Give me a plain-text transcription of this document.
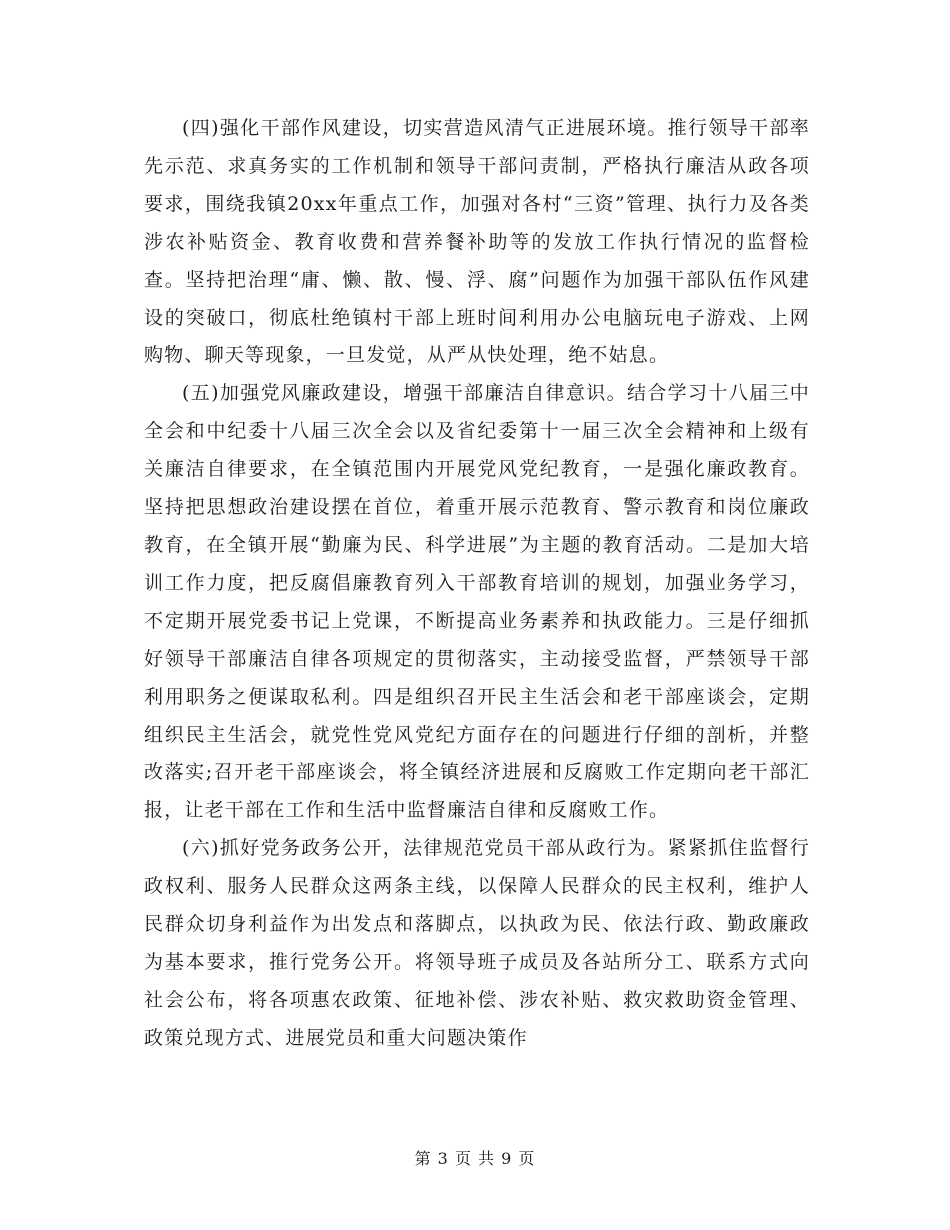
(四)强化干部作风建设，切实营造风清气正进展环境。推行领导干部率先示范、求真务实的工作机制和领导干部问责制，严格执行廉洁从政各项要求，围绕我镇20xx年重点工作，加强对各村“三资”管理、执行力及各类涉农补贴资金、教育收费和营养餐补助等的发放工作执行情况的监督检查。坚持把治理“庸、懒、散、慢、浮、腐”问题作为加强干部队伍作风建设的突破口，彻底杜绝镇村干部上班时间利用办公电脑玩电子游戏、上网购物、聊天等现象，一旦发觉，从严从快处理，绝不姑息。

(五)加强党风廉政建设，增强干部廉洁自律意识。结合学习十八届三中全会和中纪委十八届三次全会以及省纪委第十一届三次全会精神和上级有关廉洁自律要求，在全镇范围内开展党风党纪教育，一是强化廉政教育。坚持把思想政治建设摆在首位，着重开展示范教育、警示教育和岗位廉政教育，在全镇开展“勤廉为民、科学进展”为主题的教育活动。二是加大培训工作力度，把反腐倡廉教育列入干部教育培训的规划，加强业务学习，不定期开展党委书记上党课，不断提高业务素养和执政能力。三是仔细抓好领导干部廉洁自律各项规定的贯彻落实，主动接受监督，严禁领导干部利用职务之便谋取私利。四是组织召开民主生活会和老干部座谈会，定期组织民主生活会，就党性党风党纪方面存在的问题进行仔细的剖析，并整改落实;召开老干部座谈会，将全镇经济进展和反腐败工作定期向老干部汇报，让老干部在工作和生活中监督廉洁自律和反腐败工作。

(六)抓好党务政务公开，法律规范党员干部从政行为。紧紧抓住监督行政权利、服务人民群众这两条主线，以保障人民群众的民主权利，维护人民群众切身利益作为出发点和落脚点，以执政为民、依法行政、勤政廉政为基本要求，推行党务公开。将领导班子成员及各站所分工、联系方式向社会公布，将各项惠农政策、征地补偿、涉农补贴、救灾救助资金管理、政策兑现方式、进展党员和重大问题决策作

第 3 页 共 9 页
